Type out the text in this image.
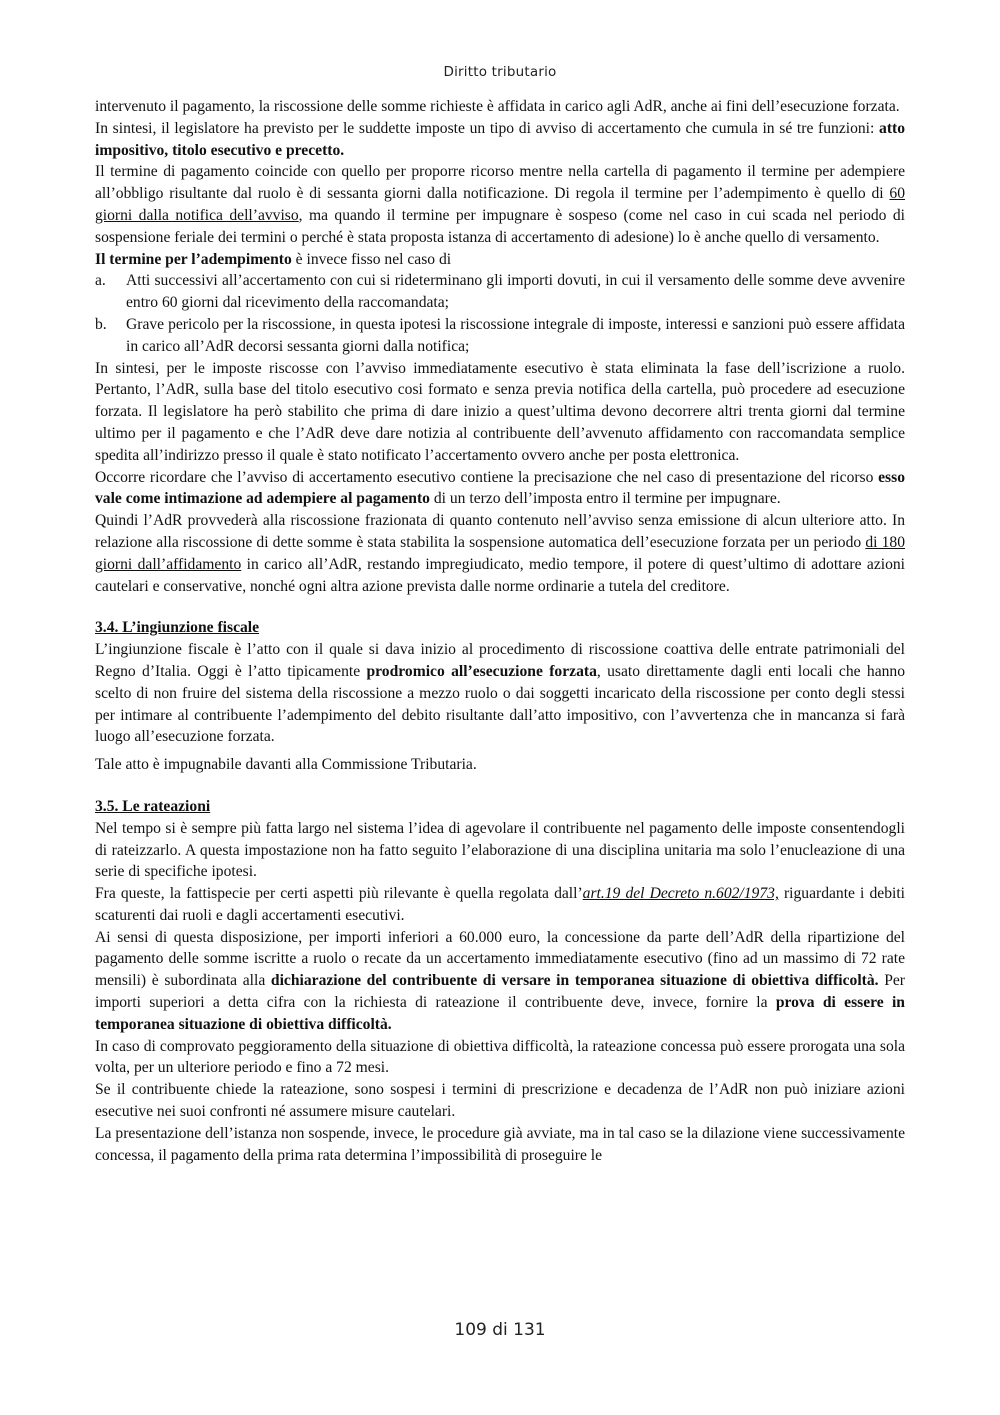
Diritto tributario

intervenuto il pagamento, la riscossione delle somme richieste è affidata in carico agli AdR, anche ai fini dell’esecuzione forzata.

In sintesi, il legislatore ha previsto per le suddette imposte un tipo di avviso di accertamento che cumula in sé tre funzioni: atto impositivo, titolo esecutivo e precetto.

Il termine di pagamento coincide con quello per proporre ricorso mentre nella cartella di pagamento il termine per adempiere all’obbligo risultante dal ruolo è di sessanta giorni dalla notificazione. Di regola il termine per l’adempimento è quello di 60 giorni dalla notifica dell’avviso, ma quando il termine per impugnare è sospeso (come nel caso in cui scada nel periodo di sospensione feriale dei termini o perché è stata proposta istanza di accertamento di adesione) lo è anche quello di versamento.

Il termine per l’adempimento è invece fisso nel caso di

a. Atti successivi all’accertamento con cui si rideterminano gli importi dovuti, in cui il versamento delle somme deve avvenire entro 60 giorni dal ricevimento della raccomandata;
b. Grave pericolo per la riscossione, in questa ipotesi la riscossione integrale di imposte, interessi e sanzioni può essere affidata in carico all’AdR decorsi sessanta giorni dalla notifica;

In sintesi, per le imposte riscosse con l’avviso immediatamente esecutivo è stata eliminata la fase dell’iscrizione a ruolo. Pertanto, l’AdR, sulla base del titolo esecutivo cosi formato e senza previa notifica della cartella, può procedere ad esecuzione forzata. Il legislatore ha però stabilito che prima di dare inizio a quest’ultima devono decorrere altri trenta giorni dal termine ultimo per il pagamento e che l’AdR deve dare notizia al contribuente dell’avvenuto affidamento con raccomandata semplice spedita all’indirizzo presso il quale è stato notificato l’accertamento ovvero anche per posta elettronica.

Occorre ricordare che l’avviso di accertamento esecutivo contiene la precisazione che nel caso di presentazione del ricorso esso vale come intimazione ad adempiere al pagamento di un terzo dell’imposta entro il termine per impugnare.

Quindi l’AdR provvederà alla riscossione frazionata di quanto contenuto nell’avviso senza emissione di alcun ulteriore atto. In relazione alla riscossione di dette somme è stata stabilita la sospensione automatica dell’esecuzione forzata per un periodo di 180 giorni dall’affidamento in carico all’AdR, restando impregiudicato, medio tempore, il potere di quest’ultimo di adottare azioni cautelari e conservative, nonché ogni altra azione prevista dalle norme ordinarie a tutela del creditore.

3.4. L’ingiunzione fiscale

L’ingiunzione fiscale è l’atto con il quale si dava inizio al procedimento di riscossione coattiva delle entrate patrimoniali del Regno d’Italia. Oggi è l’atto tipicamente prodromico all’esecuzione forzata, usato direttamente dagli enti locali che hanno scelto di non fruire del sistema della riscossione a mezzo ruolo o dai soggetti incaricato della riscossione per conto degli stessi per intimare al contribuente l’adempimento del debito risultante dall’atto impositivo, con l’avvertenza che in mancanza si farà luogo all’esecuzione forzata.

Tale atto è impugnabile davanti alla Commissione Tributaria.

3.5. Le rateazioni

Nel tempo si è sempre più fatta largo nel sistema l’idea di agevolare il contribuente nel pagamento delle imposte consentendogli di rateizzarlo. A questa impostazione non ha fatto seguito l’elaborazione di una disciplina unitaria ma solo l’enucleazione di una serie di specifiche ipotesi.

Fra queste, la fattispecie per certi aspetti più rilevante è quella regolata dall’art.19 del Decreto n.602/1973, riguardante i debiti scaturenti dai ruoli e dagli accertamenti esecutivi.

Ai sensi di questa disposizione, per importi inferiori a 60.000 euro, la concessione da parte dell’AdR della ripartizione del pagamento delle somme iscritte a ruolo o recate da un accertamento immediatamente esecutivo (fino ad un massimo di 72 rate mensili) è subordinata alla dichiarazione del contribuente di versare in temporanea situazione di obiettiva difficoltà. Per importi superiori a detta cifra con la richiesta di rateazione il contribuente deve, invece, fornire la prova di essere in temporanea situazione di obiettiva difficoltà.

In caso di comprovato peggioramento della situazione di obiettiva difficoltà, la rateazione concessa può essere prorogata una sola volta, per un ulteriore periodo e fino a 72 mesi.

Se il contribuente chiede la rateazione, sono sospesi i termini di prescrizione e decadenza de l’AdR non può iniziare azioni esecutive nei suoi confronti né assumere misure cautelari.

La presentazione dell’istanza non sospende, invece, le procedure già avviate, ma in tal caso se la dilazione viene successivamente concessa, il pagamento della prima rata determina l’impossibilità di proseguire le

109 di 131
